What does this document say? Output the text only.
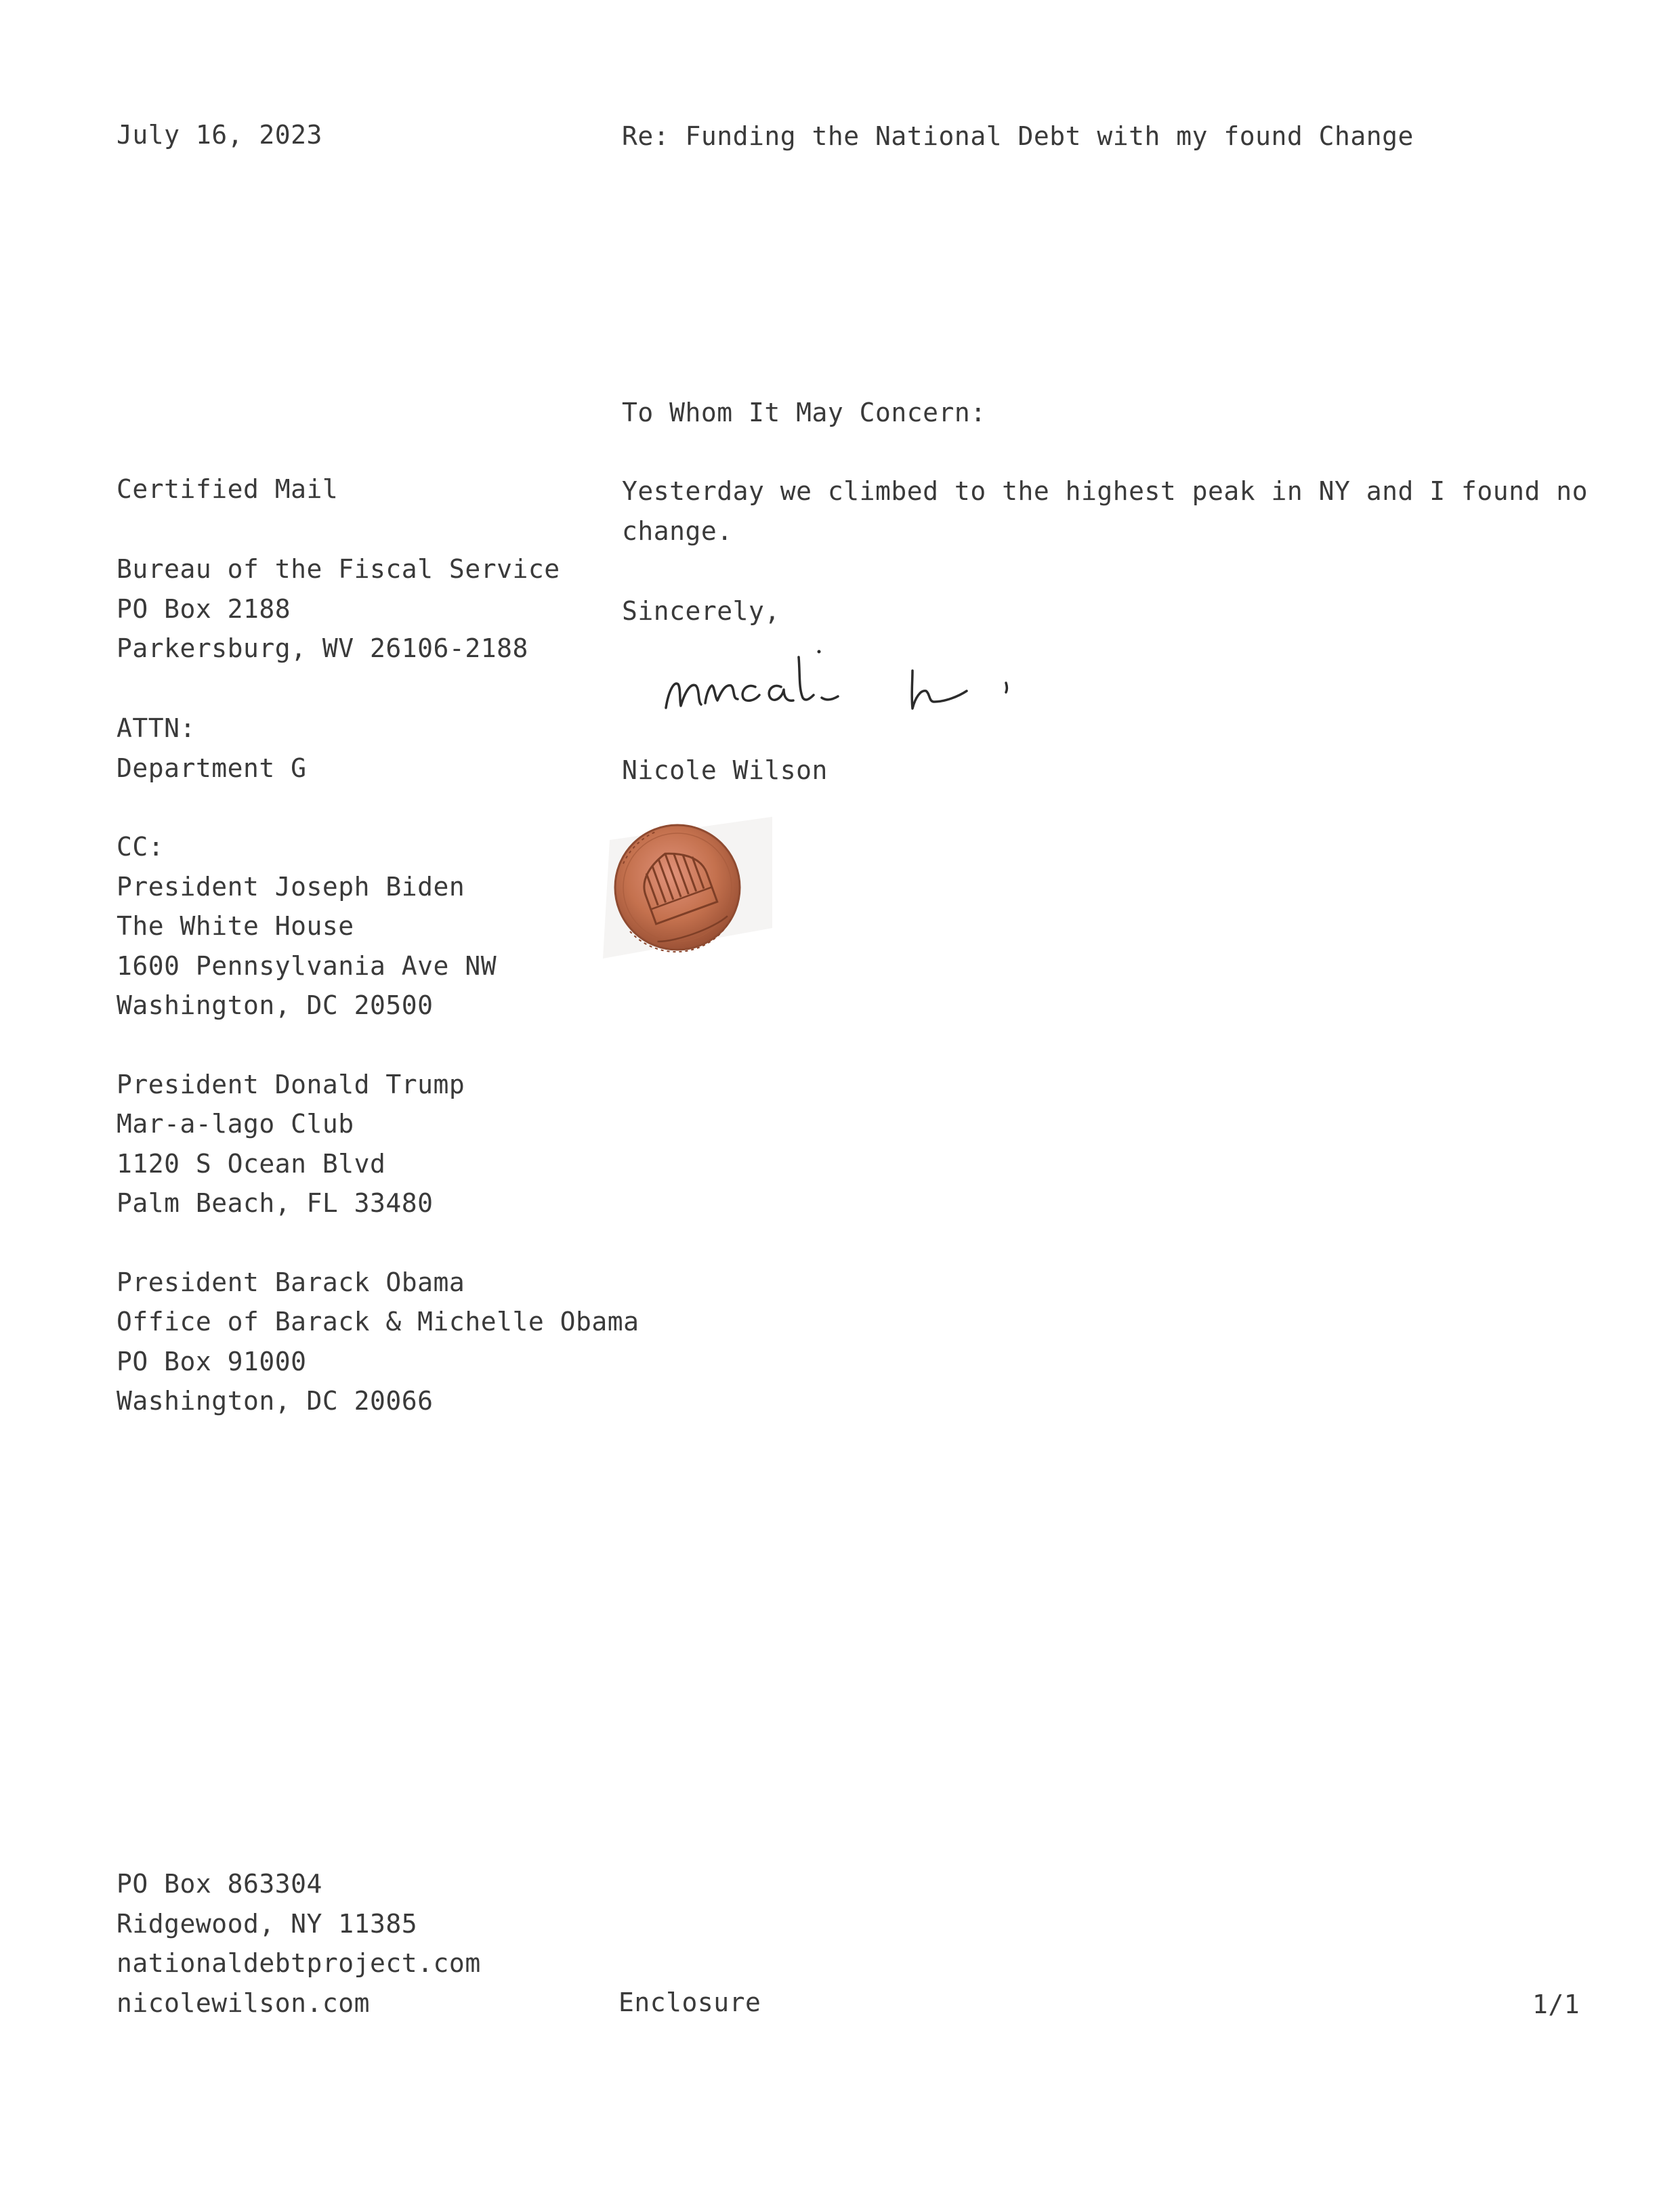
July 16, 2023	Re: Funding the National Debt with my found Change
To Whom It May Concern:
Yesterday we climbed to the highest peak in NY and I found no
change.
Sincerely,
Nicole Wilson
Certified Mail
Bureau of the Fiscal Service
PO Box 2188
Parkersburg, WV 26106-2188
ATTN:
Department G
CC:
President Joseph Biden
The White House
1600 Pennsylvania Ave NW
Washington, DC 20500
President Donald Trump
Mar-a-lago Club
1120 S Ocean Blvd
Palm Beach, FL 33480
President Barack Obama
Office of Barack & Michelle Obama
PO Box 91000
Washington, DC 20066
PO Box 863304
Ridgewood, NY 11385
nationaldebtproject.com
nicolewilson.com	Enclosure	1/1
